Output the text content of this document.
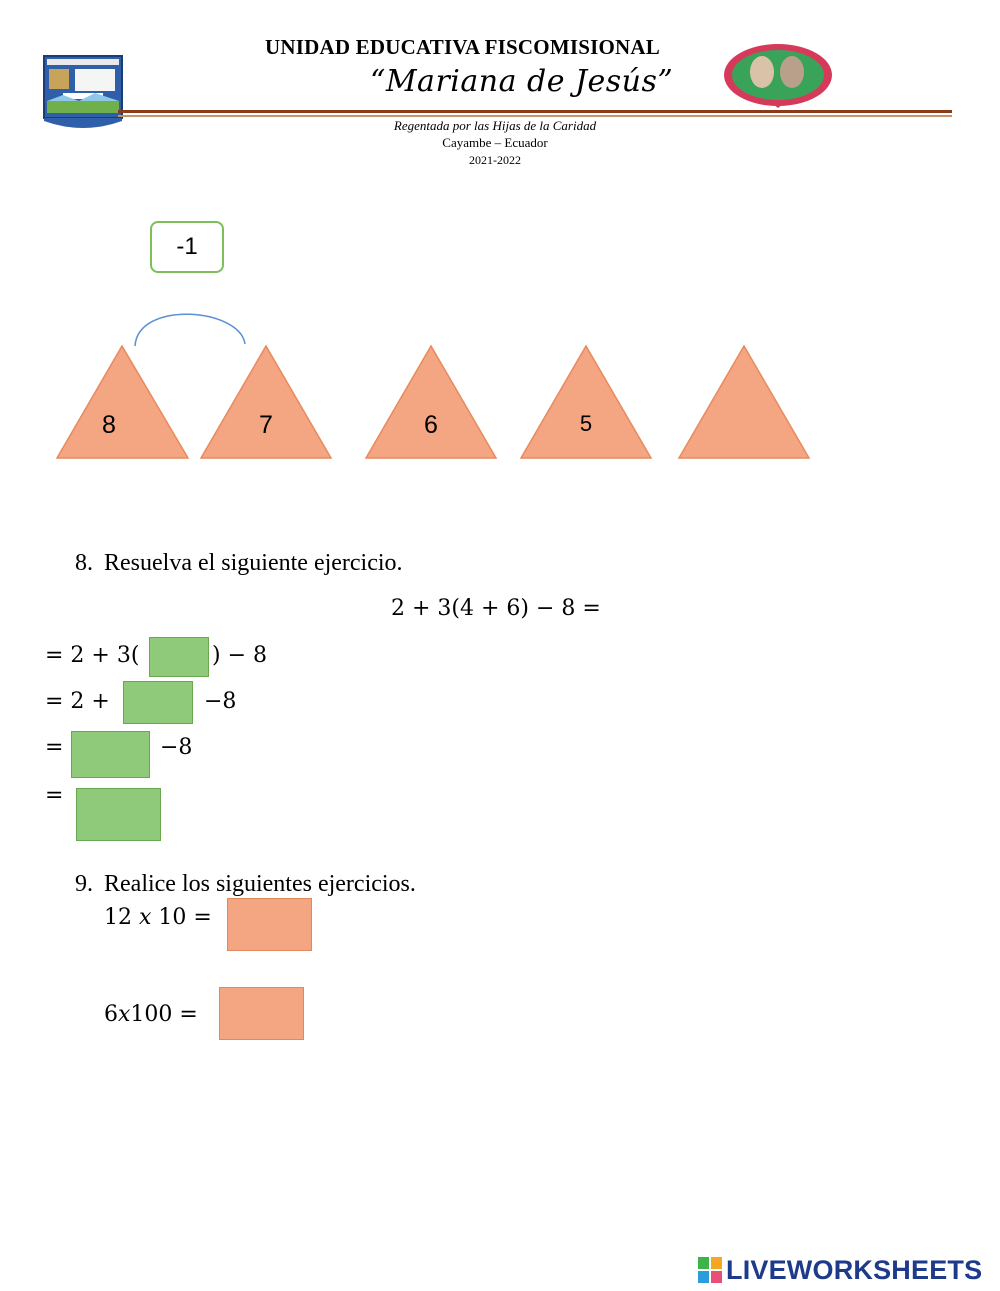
UNIDAD EDUCATIVA FISCOMISIONAL
“Mariana de Jesús”
Regentada por las Hijas de la Caridad
Cayambe – Ecuador
2021-2022
-1
8	7	6	5
8. Resuelva el siguiente ejercicio.
2 + 3(4 + 6) − 8 =
= 2 + 3(	) − 8
= 2 +	−8
=	−8
=
9. Realice los siguientes ejercicios.
12 𝑥 10 =
6𝑥100 =
LIVEWORKSHEETS
